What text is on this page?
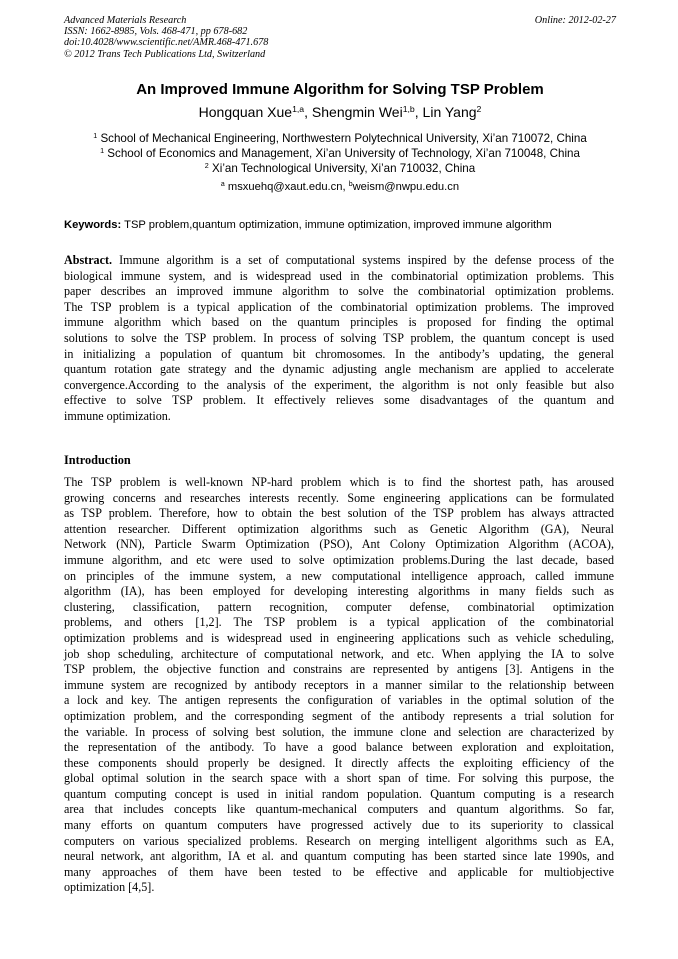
Advanced Materials Research
ISSN: 1662-8985, Vols. 468-471, pp 678-682
doi:10.4028/www.scientific.net/AMR.468-471.678
© 2012 Trans Tech Publications Ltd, Switzerland
Online: 2012-02-27
An Improved Immune Algorithm for Solving TSP Problem
Hongquan Xue$^{1,a}$, Shengmin Wei$^{1,b}$, Lin Yang$^2$
$^1$ School of Mechanical Engineering, Northwestern Polytechnical University, Xi’an 710072, China
$^1$ School of Economics and Management, Xi’an University of Technology, Xi’an 710048, China
$^2$ Xi’an Technological University, Xi’an 710032, China
$^a$ msxuehq@xaut.edu.cn, $^b$weism@nwpu.edu.cn
Keywords: TSP problem,quantum optimization, immune optimization, improved immune algorithm
Abstract. Immune algorithm is a set of computational systems inspired by the defense process of the
biological immune system, and is widespread used in the combinatorial optimization problems. This
paper describes an improved immune algorithm to solve the combinatorial optimization problems.
The TSP problem is a typical application of the combinatorial optimization problems. The improved
immune algorithm which based on the quantum principles is proposed for finding the optimal
solutions to solve the TSP problem. In process of solving TSP problem, the quantum concept is used
in initializing a population of quantum bit chromosomes. In the antibody’s updating, the general
quantum rotation gate strategy and the dynamic adjusting angle mechanism are applied to accelerate
convergence.According to the analysis of the experiment, the algorithm is not only feasible but also
effective to solve TSP problem. It effectively relieves some disadvantages of the quantum and
immune optimization.
Introduction
The TSP problem is well-known NP-hard problem which is to find the shortest path, has aroused
growing concerns and researches interests recently. Some engineering applications can be formulated
as TSP problem. Therefore, how to obtain the best solution of the TSP problem has always attracted
attention researcher. Different optimization algorithms such as Genetic Algorithm (GA), Neural
Network (NN), Particle Swarm Optimization (PSO), Ant Colony Optimization Algorithm (ACOA),
immune algorithm, and etc were used to solve optimization problems.During the last decade, based
on principles of the immune system, a new computational intelligence approach, called immune
algorithm (IA), has been employed for developing interesting algorithms in many fields such as
clustering, classification, pattern recognition, computer defense, combinatorial optimization
problems, and others [1,2]. The TSP problem is a typical application of the combinatorial
optimization problems and is widespread used in engineering applications such as vehicle scheduling,
job shop scheduling, architecture of computational network, and etc. When applying the IA to solve
TSP problem, the objective function and constrains are represented by antigens [3]. Antigens in the
immune system are recognized by antibody receptors in a manner similar to the relationship between
a lock and key. The antigen represents the configuration of variables in the optimal solution of the
optimization problem, and the corresponding segment of the antibody represents a trial solution for
the variable. In process of solving best solution, the immune clone and selection are characterized by
the representation of the antibody. To have a good balance between exploration and exploitation,
these components should properly be designed. It directly affects the exploiting efficiency of the
global optimal solution in the search space with a short span of time. For solving this purpose, the
quantum computing concept is used in initial random population. Quantum computing is a research
area that includes concepts like quantum-mechanical computers and quantum algorithms. So far,
many efforts on quantum computers have progressed actively due to its superiority to classical
computers on various specialized problems. Research on merging intelligent algorithms such as EA,
neural network, ant algorithm, IA et al. and quantum computing has been started since late 1990s, and
many approaches of them have been tested to be effective and applicable for multiobjective
optimization [4,5].
